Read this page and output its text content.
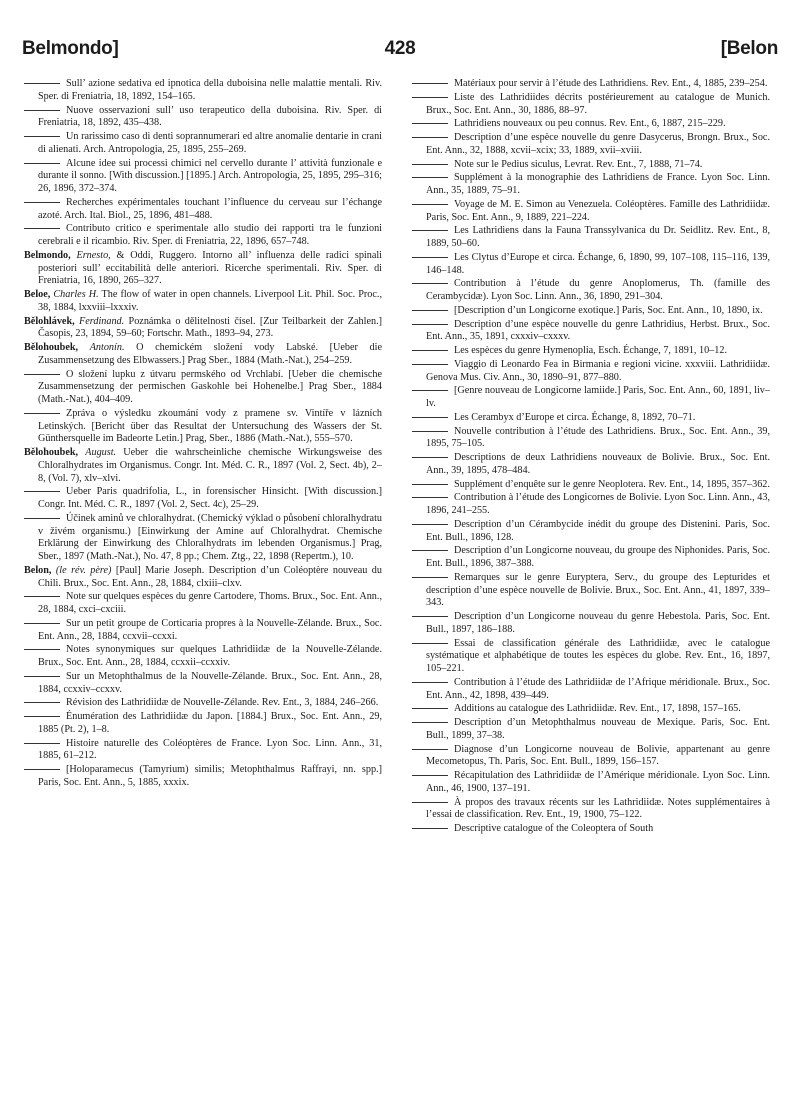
Belmondo]	428	[Belon

Sull’ azione sedativa ed ipnotica della duboisina nelle malattie mentali. Riv. Sper. di Freniatria, 18, 1892, 154–165.

Nuove osservazioni sull’ uso terapeutico della duboisina. Riv. Sper. di Freniatria, 18, 1892, 435–438.

Un rarissimo caso di denti soprannumerari ed altre anomalie dentarie in crani di alienati. Arch. Antropologia, 25, 1895, 255–269.

Alcune idee sui processi chimici nel cervello durante l’ attività funzionale e durante il sonno. [With discussion.] [1895.] Arch. Antropologia, 25, 1895, 295–316; 26, 1896, 372–374.

Recherches expérimentales touchant l’influence du cerveau sur l’échange azoté. Arch. Ital. Biol., 25, 1896, 481–488.

Contributo critico e sperimentale allo studio dei rapporti tra le funzioni cerebrali e il ricambio. Riv. Sper. di Freniatria, 22, 1896, 657–748.

Belmondo, Ernesto, & Oddi, Ruggero. Intorno all’ influenza delle radici spinali posteriori sull’ eccitabilità delle anteriori. Ricerche sperimentali. Riv. Sper. di Freniatria, 16, 1890, 265–327.

Beloe, Charles H. The flow of water in open channels. Liverpool Lit. Phil. Soc. Proc., 38, 1884, lxxviii–lxxxiv.

Bělohlávek, Ferdinand. Poznámka o dělitelnosti čísel. [Zur Teilbarkeit der Zahlen.] Časopis, 23, 1894, 59–60; Fortschr. Math., 1893–94, 273.

Bělohoubek, Antonín. O chemickém složení vody Labské. [Ueber die Zusammensetzung des Elbwassers.] Prag Sber., 1884 (Math.-Nat.), 254–259.

O složení lupku z útvaru permského od Vrchlabí. [Ueber die chemische Zusammensetzung der permischen Gaskohle bei Hohenelbe.] Prag Sber., 1884 (Math.-Nat.), 404–409.

Zpráva o výsledku zkoumání vody z pramene sv. Vintíře v lázních Letinských. [Bericht über das Resultat der Untersuchung des Wassers der St. Günthersquelle im Badeorte Letin.] Prag, Sber., 1886 (Math.-Nat.), 555–570.

Bělohoubek, August. Ueber die wahrscheinliche chemische Wirkungsweise des Chloralhydrates im Organismus. Congr. Int. Méd. C. R., 1897 (Vol. 2, Sect. 4b), 2–8, (Vol. 7), xlv–xlvi.

Ueber Paris quadrifolia, L., in forensischer Hinsicht. [With discussion.] Congr. Int. Méd. C. R., 1897 (Vol. 2, Sect. 4c), 25–29.

Účinek aminů ve chloralhydrat. (Chemický výklad o působení chloralhydratu v živém organismu.) [Einwirkung der Amine auf Chloralhydrat. Chemische Erklärung der Einwirkung des Chloralhydrats im lebenden Organismus.] Prag, Sber., 1897 (Math.-Nat.), No. 47, 8 pp.; Chem. Ztg., 22, 1898 (Repertm.), 10.

Belon, (le rév. père) [Paul] Marie Joseph. Description d’un Coléoptère nouveau du Chili. Brux., Soc. Ent. Ann., 28, 1884, clxiii–clxv.

Note sur quelques espèces du genre Cartodere, Thoms. Brux., Soc. Ent. Ann., 28, 1884, cxci–cxciii.

Sur un petit groupe de Corticaria propres à la Nouvelle-Zélande. Brux., Soc. Ent. Ann., 28, 1884, ccxvii–ccxxi.

Notes synonymiques sur quelques Lathridiidæ de la Nouvelle-Zélande. Brux., Soc. Ent. Ann., 28, 1884, ccxxii–ccxxiv.

Sur un Metophthalmus de la Nouvelle-Zélande. Brux., Soc. Ent. Ann., 28, 1884, ccxxiv–ccxxv.

Révision des Lathridiidæ de Nouvelle-Zélande. Rev. Ent., 3, 1884, 246–266.

Énumération des Lathridiidæ du Japon. [1884.] Brux., Soc. Ent. Ann., 29, 1885 (Pt. 2), 1–8.

Histoire naturelle des Coléoptères de France. Lyon Soc. Linn. Ann., 31, 1885, 61–212.

[Holoparamecus (Tamyrium) similis; Metophthalmus Raffrayi, nn. spp.] Paris, Soc. Ent. Ann., 5, 1885, xxxix.

Matériaux pour servir à l’étude des Lathridiens. Rev. Ent., 4, 1885, 239–254.

Liste des Lathridiides décrits postérieurement au catalogue de Munich. Brux., Soc. Ent. Ann., 30, 1886, 88–97.

Lathridiens nouveaux ou peu connus. Rev. Ent., 6, 1887, 215–229.

Description d’une espèce nouvelle du genre Dasycerus, Brongn. Brux., Soc. Ent. Ann., 32, 1888, xcvii–xcix; 33, 1889, xvii–xviii.

Note sur le Pedius siculus, Levrat. Rev. Ent., 7, 1888, 71–74.

Supplément à la monographie des Lathridiens de France. Lyon Soc. Linn. Ann., 35, 1889, 75–91.

Voyage de M. E. Simon au Venezuela. Coléoptères. Famille des Lathridiidæ. Paris, Soc. Ent. Ann., 9, 1889, 221–224.

Les Lathridiens dans la Fauna Transsylvanica du Dr. Seidlitz. Rev. Ent., 8, 1889, 50–60.

Les Clytus d’Europe et circa. Échange, 6, 1890, 99, 107–108, 115–116, 139, 146–148.

Contribution à l’étude du genre Anoplomerus, Th. (famille des Cerambycidæ). Lyon Soc. Linn. Ann., 36, 1890, 291–304.

[Description d’un Longicorne exotique.] Paris, Soc. Ent. Ann., 10, 1890, ix.

Description d’une espèce nouvelle du genre Lathridius, Herbst. Brux., Soc. Ent. Ann., 35, 1891, cxxxiv–cxxxv.

Les espèces du genre Hymenoplia, Esch. Échange, 7, 1891, 10–12.

Viaggio di Leonardo Fea in Birmania e regioni vicine. xxxviii. Lathridiidæ. Genova Mus. Civ. Ann., 30, 1890–91, 877–880.

[Genre nouveau de Longicorne lamiide.] Paris, Soc. Ent. Ann., 60, 1891, liv–lv.

Les Cerambyx d’Europe et circa. Échange, 8, 1892, 70–71.

Nouvelle contribution à l’étude des Lathridiens. Brux., Soc. Ent. Ann., 39, 1895, 75–105.

Descriptions de deux Lathridiens nouveaux de Bolivie. Brux., Soc. Ent. Ann., 39, 1895, 478–484.

Supplément d’enquête sur le genre Neoplotera. Rev. Ent., 14, 1895, 357–362.

Contribution à l’étude des Longicornes de Bolivie. Lyon Soc. Linn. Ann., 43, 1896, 241–255.

Description d’un Cérambycide inédit du groupe des Distenini. Paris, Soc. Ent. Bull., 1896, 128.

Description d’un Longicorne nouveau, du groupe des Niphonides. Paris, Soc. Ent. Bull., 1896, 387–388.

Remarques sur le genre Euryptera, Serv., du groupe des Lepturides et description d’une espèce nouvelle de Bolivie. Brux., Soc. Ent. Ann., 41, 1897, 339–343.

Description d’un Longicorne nouveau du genre Hebestola. Paris, Soc. Ent. Bull., 1897, 186–188.

Essai de classification générale des Lathridiidæ, avec le catalogue systématique et alphabétique de toutes les espèces du globe. Rev. Ent., 16, 1897, 105–221.

Contribution à l’étude des Lathridiidæ de l’Afrique méridionale. Brux., Soc. Ent. Ann., 42, 1898, 439–449.

Additions au catalogue des Lathridiidæ. Rev. Ent., 17, 1898, 157–165.

Description d’un Metophthalmus nouveau de Mexique. Paris, Soc. Ent. Bull., 1899, 37–38.

Diagnose d’un Longicorne nouveau de Bolivie, appartenant au genre Mecometopus, Th. Paris, Soc. Ent. Bull., 1899, 156–157.

Récapitulation des Lathridiidæ de l’Amérique méridionale. Lyon Soc. Linn. Ann., 46, 1900, 137–191.

À propos des travaux récents sur les Lathridiidæ. Notes supplémentaires à l’essai de classification. Rev. Ent., 19, 1900, 75–122.

Descriptive catalogue of the Coleoptera of South
